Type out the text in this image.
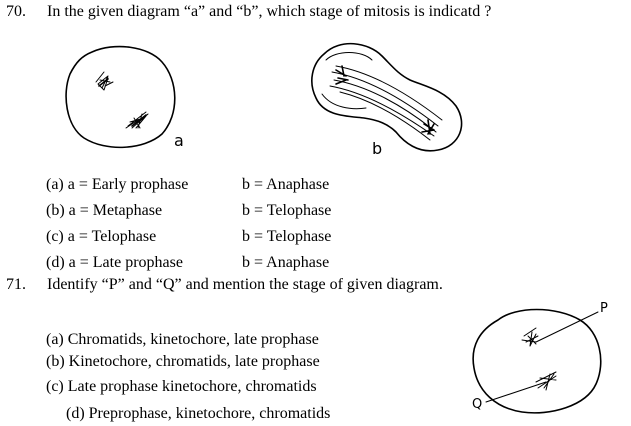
70. In the given diagram “a” and “b”, which stage of mitosis is indicatd ?
a	b
(a) a = Early prophase	b = Anaphase
(b) a = Metaphase	b = Telophase
(c) a = Telophase	b = Telophase
(d) a = Late prophase	b = Anaphase
71. Identify “P” and “Q” and mention the stage of given diagram.
(a) Chromatids, kinetochore, late prophase
(b) Kinetochore, chromatids, late prophase
(c) Late prophase kinetochore, chromatids
(d) Preprophase, kinetochore, chromatids
P
Q
